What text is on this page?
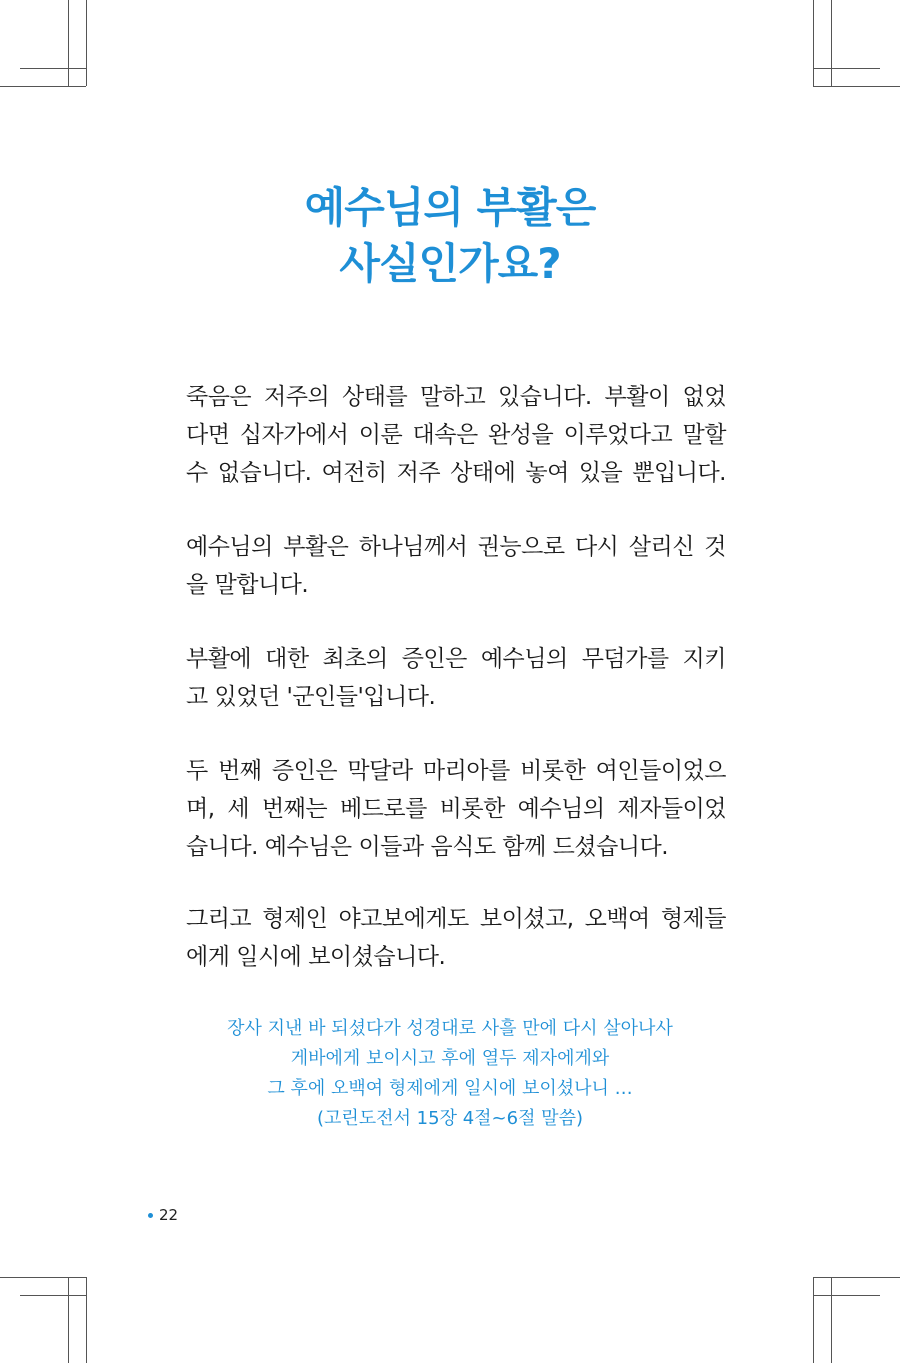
예수님의 부활은
사실인가요?
죽음은 저주의 상태를 말하고 있습니다. 부활이 없었
다면 십자가에서 이룬 대속은 완성을 이루었다고 말할
수 없습니다. 여전히 저주 상태에 놓여 있을 뿐입니다.
예수님의 부활은 하나님께서 권능으로 다시 살리신 것
을 말합니다.
부활에 대한 최초의 증인은 예수님의 무덤가를 지키
고 있었던 '군인들'입니다.
두 번째 증인은 막달라 마리아를 비롯한 여인들이었으
며, 세 번째는 베드로를 비롯한 예수님의 제자들이었
습니다. 예수님은 이들과 음식도 함께 드셨습니다.
그리고 형제인 야고보에게도 보이셨고, 오백여 형제들
에게 일시에 보이셨습니다.
장사 지낸 바 되셨다가 성경대로 사흘 만에 다시 살아나사
게바에게 보이시고 후에 열두 제자에게와
그 후에 오백여 형제에게 일시에 보이셨나니 …
(고린도전서 15장 4절~6절 말씀)
22
